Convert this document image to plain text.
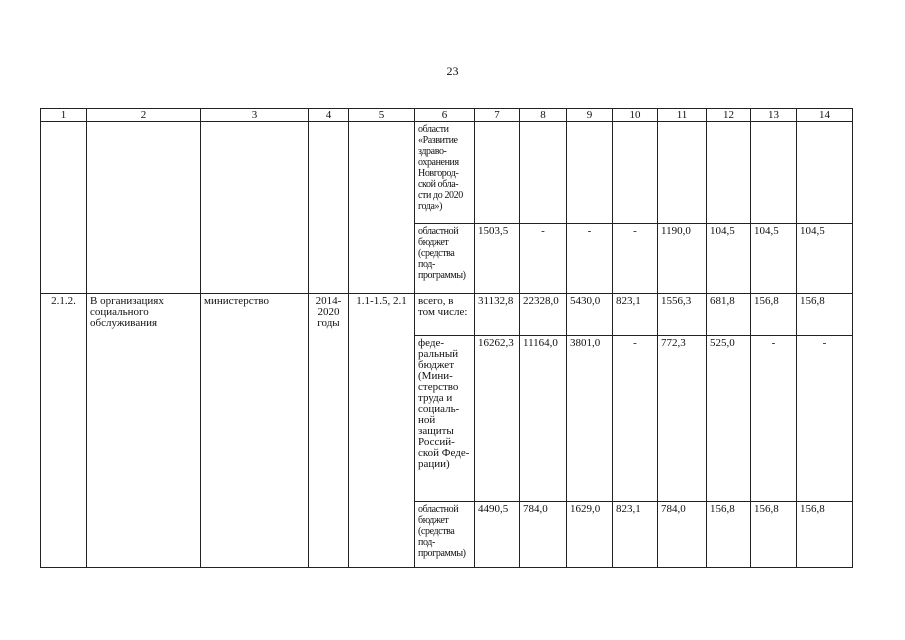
23
1	2	3	4	5	6	7	8	9	10	11	12	13	14
					области «Развитие здраво-охранения Новгород-ской обла-сти до 2020 года»)								
					областной бюджет (средства под-программы)	1503,5	-	-	-	1190,0	104,5	104,5	104,5
2.1.2.	В организациях социального обслуживания	министерство	2014-2020 годы	1.1-1.5, 2.1	всего, в том числе:	31132,8	22328,0	5430,0	823,1	1556,3	681,8	156,8	156,8
					феде-ральный бюджет (Мини-стерство труда и социаль-ной защиты Россий-ской Феде-рации)	16262,3	11164,0	3801,0	-	772,3	525,0	-	-
					областной бюджет (средства под-программы)	4490,5	784,0	1629,0	823,1	784,0	156,8	156,8	156,8
